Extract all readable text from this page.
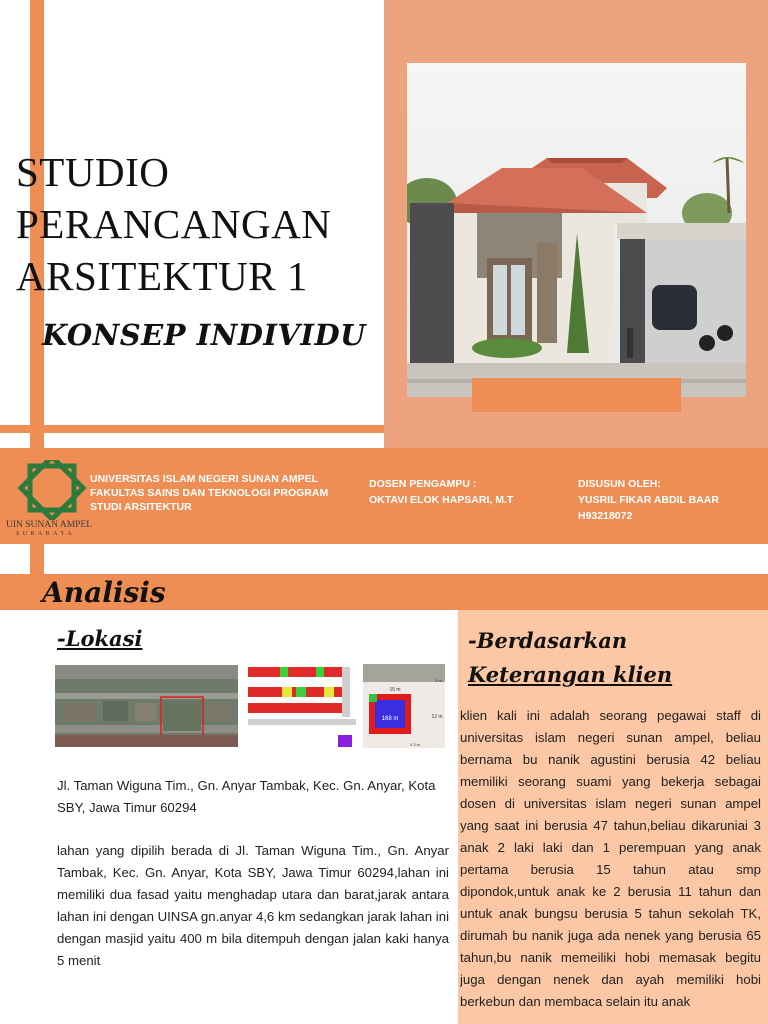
STUDIO
PERANCANGAN
ARSITEKTUR 1
KONSEP INDIVIDU
UIN SUNAN AMPEL
SURABAYA
UNIVERSITAS ISLAM NEGERI SUNAN AMPEL
FAKULTAS SAINS DAN TEKNOLOGI PROGRAM
STUDI ARSITEKTUR
DOSEN PENGAMPU :
OKTAVI ELOK HAPSARI, M.T
DISUSUN OLEH:
YUSRIL FIKAR ABDIL BAAR
H93218072
Analisis
-Lokasi
168 m
15 m
12 m
5 m
0.3 m
Jl. Taman Wiguna Tim., Gn. Anyar Tambak, Kec. Gn. Anyar, Kota SBY, Jawa Timur 60294
lahan yang dipilih berada di Jl. Taman Wiguna Tim., Gn. Anyar Tambak, Kec. Gn. Anyar, Kota SBY, Jawa Timur 60294,lahan ini memiliki dua fasad yaitu menghadap utara dan barat,jarak antara lahan ini dengan UINSA gn.anyar 4,6 km sedangkan jarak lahan ini dengan masjid yaitu 400 m bila ditempuh dengan jalan kaki hanya 5 menit
-Berdasarkan
Keterangan klien
klien kali ini adalah seorang pegawai staff di universitas islam negeri sunan ampel, beliau bernama bu nanik agustini berusia 42 beliau memiliki seorang suami yang bekerja sebagai dosen di universitas islam negeri sunan ampel yang saat ini berusia 47 tahun,beliau dikaruniai 3 anak 2 laki laki dan 1 perempuan yang anak pertama berusia 15 tahun atau smp dipondok,untuk anak ke 2 berusia 11 tahun dan untuk anak bungsu berusia 5 tahun sekolah TK, dirumah bu nanik juga ada nenek yang berusia 65 tahun,bu nanik memeiliki hobi memasak begitu juga dengan nenek dan ayah memiliki hobi berkebun dan membaca selain itu anak
